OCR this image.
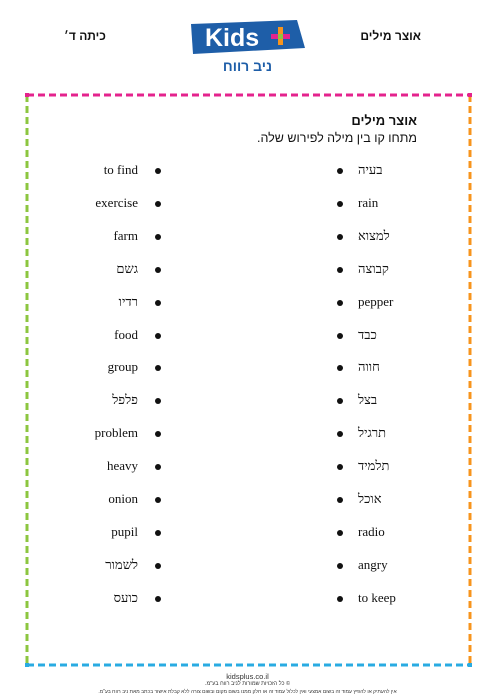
כיתה ד׳	Kids
ניב רווח
אוצר מילים
אוצר מילים
מתחו קו בין מילה לפירוש שלה.
to find	בעיה
exercise	rain
farm	למצוא
גשם	קבוצה
רדיו	pepper
food	כבד
group	חווה
פלפל	בצל
problem	תרגיל
heavy	תלמיד
onion	אוכל
pupil	radio
לשמור	angry
כועס	to keep
kidsplus.co.il
© כל הזכויות שמורות לניב רווח בע"מ.
אין להעתיק או להפיץ עמוד זה בשום אמצעי ואין לכלול עמוד זה או חלק ממנו בשום מקום ובשום צורה ללא קבלת אישור בכתב מאת ניב רווח בע"מ.
